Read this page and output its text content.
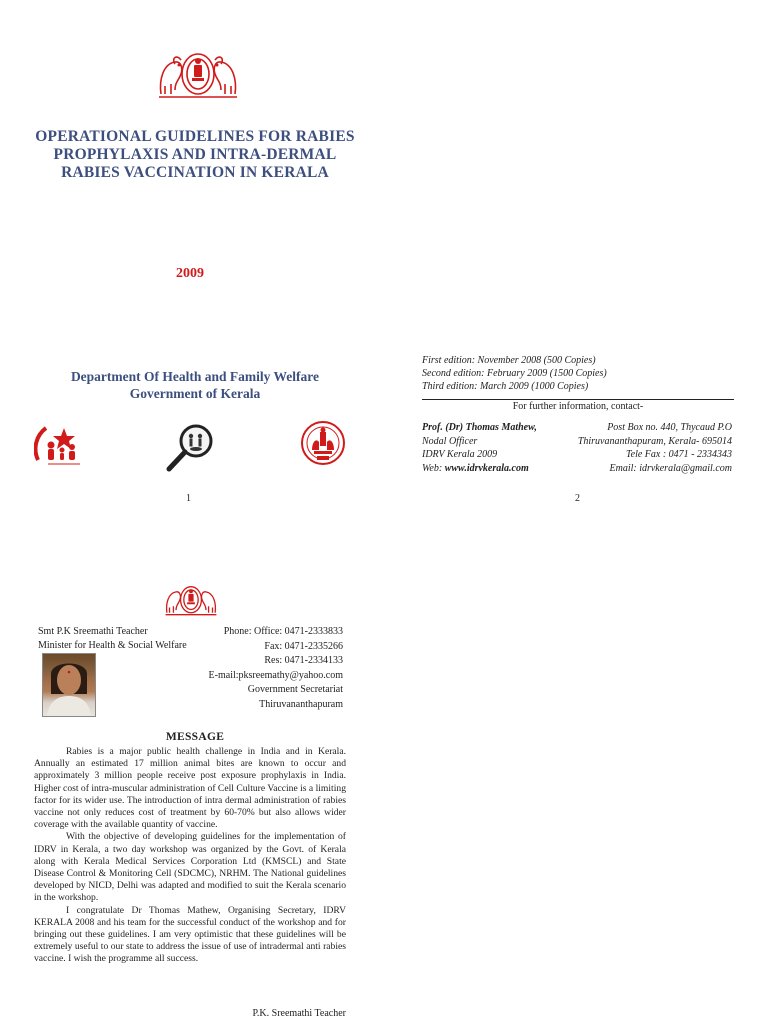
OPERATIONAL GUIDELINES FOR RABIES
PROPHYLAXIS AND INTRA-DERMAL
RABIES VACCINATION IN KERALA
2009
Department Of Health and Family Welfare
Government of Kerala
1
First edition: November 2008 (500 Copies)
Second edition: February 2009 (1500 Copies)
Third edition: March 2009 (1000 Copies)
For further information, contact-
Prof. (Dr) Thomas Mathew,
Nodal Officer
IDRV Kerala 2009
Web: www.idrvkerala.com
Post Box no. 440, Thycaud P.O
Thiruvananthapuram, Kerala- 695014
Tele Fax : 0471 - 2334343
Email: idrvkerala@gmail.com
2
Smt P.K Sreemathi Teacher
Minister for Health & Social Welfare
Phone: Office: 0471-2333833
Fax: 0471-2335266
Res: 0471-2334133
E-mail:pksreemathy@yahoo.com
Government Secretariat
Thiruvananthapuram
MESSAGE

Rabies is a major public health challenge in India and in Kerala. Annually an estimated 17 million animal bites are known to occur and approximately 3 million people receive post exposure prophylaxis in India. Higher cost of intra-muscular administration of Cell Culture Vaccine is a limiting factor for its wider use. The introduction of intra dermal administration of rabies vaccine not only reduces cost of treatment by 60-70% but also allows wider coverage with the available quantity of vaccine.

With the objective of developing guidelines for the implementation of IDRV in Kerala, a two day workshop was organized by the Govt. of Kerala along with Kerala Medical Services Corporation Ltd (KMSCL) and State Disease Control & Monitoring Cell (SDCMC), NRHM. The National guidelines developed by NICD, Delhi was adapted and modified to suit the Kerala scenario in the workshop.

I congratulate Dr Thomas Mathew, Organising Secretary, IDRV KERALA 2008 and his team for the successful conduct of the workshop and for bringing out these guidelines. I am very optimistic that these guidelines will be extremely useful to our state to address the issue of use of intradermal anti rabies vaccine. I wish the programme all success.

P.K. Sreemathi Teacher
